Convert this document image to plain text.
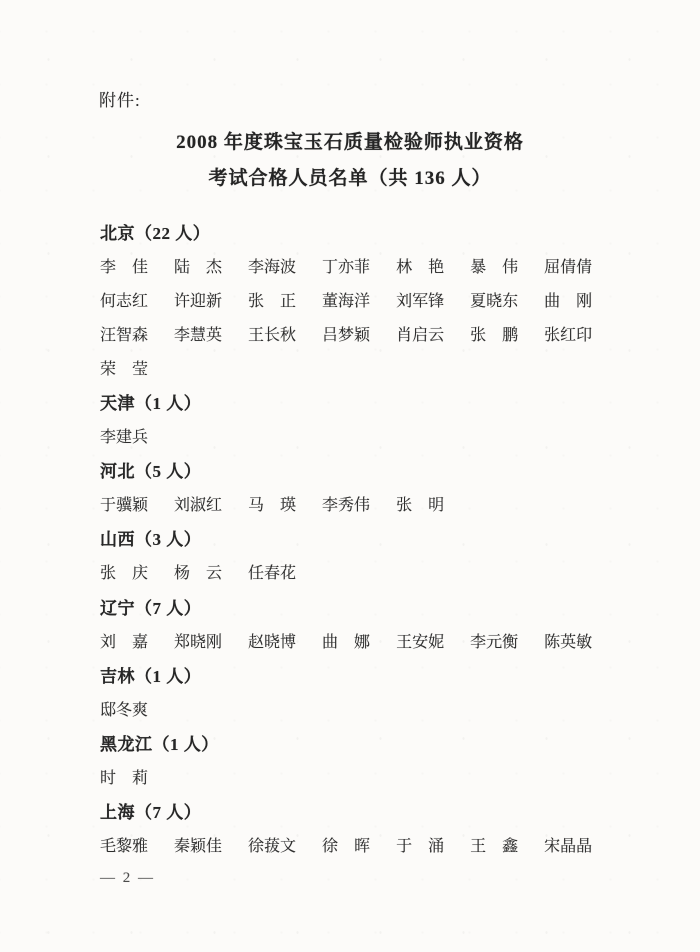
附件:
2008 年度珠宝玉石质量检验师执业资格
考试合格人员名单（共 136 人）
北京（22 人）
李　佳 陆　杰 李海波 丁亦菲 林　艳 暴　伟 屈倩倩
何志红 许迎新 张　正 董海洋 刘军锋 夏晓东 曲　刚
汪智森 李慧英 王长秋 吕梦颖 肖启云 张　鹏 张红印
荣　莹
天津（1 人）
李建兵
河北（5 人）
于骥颖 刘淑红 马　瑛 李秀伟 张　明
山西（3 人）
张　庆 杨　云 任春花
辽宁（7 人）
刘　嘉 郑晓刚 赵晓博 曲　娜 王安妮 李元衡 陈英敏
吉林（1 人）
邸冬爽
黑龙江（1 人）
时　莉
上海（7 人）
毛黎雅 秦颖佳 徐菝文 徐　晖 于　涌 王　鑫 宋晶晶
— 2 —
